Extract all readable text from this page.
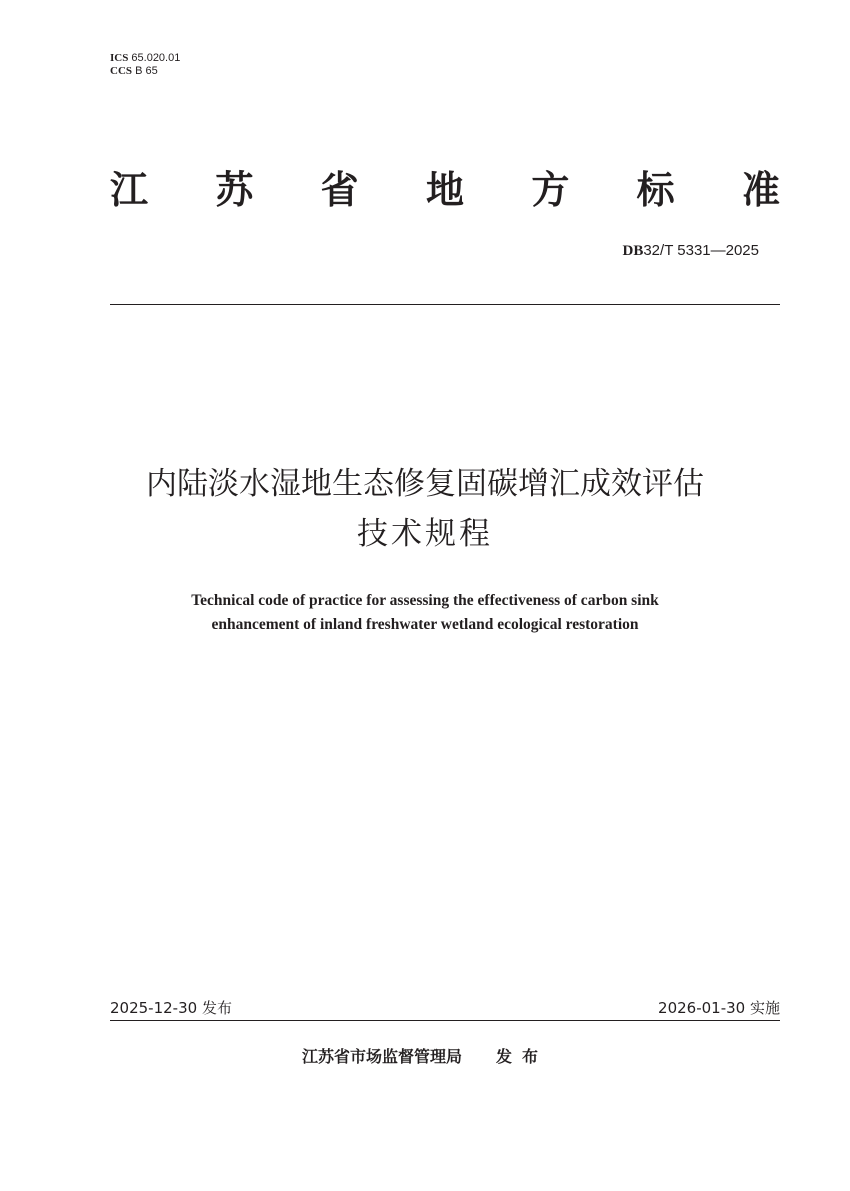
ICS 65.020.01
CCS B 65
江 苏 省 地 方 标 准
DB32/T 5331—2025
内陆淡水湿地生态修复固碳增汇成效评估
技术规程
Technical code of practice for assessing the effectiveness of carbon sink
enhancement of inland freshwater wetland ecological restoration
2025-12-30 发布	2026-01-30 实施
江苏省市场监督管理局 发布
